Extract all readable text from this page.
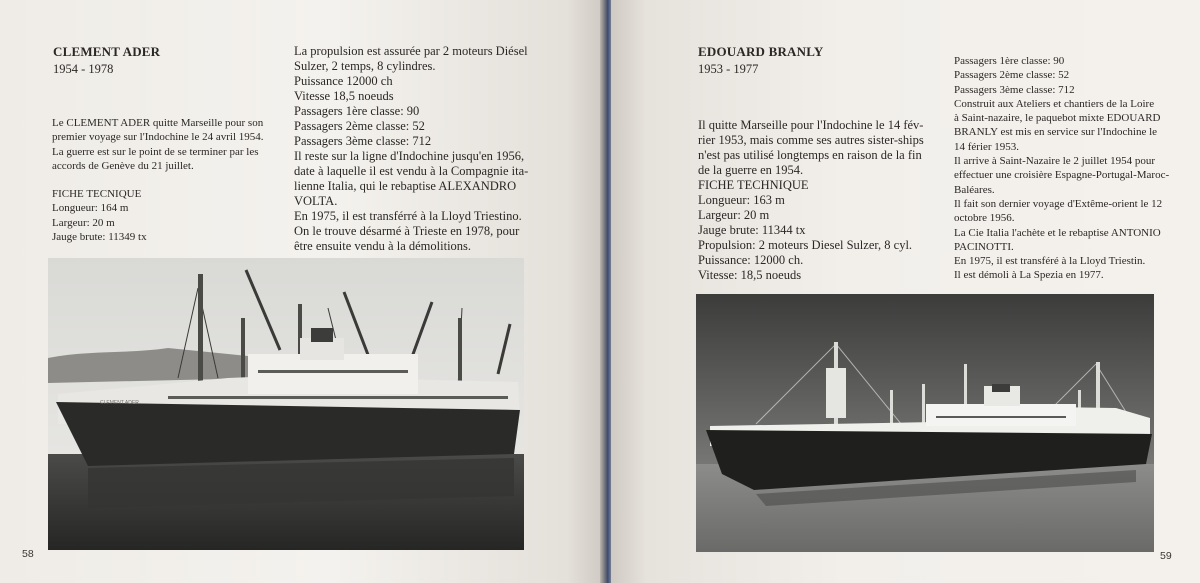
CLEMENT ADER
1954 - 1978
Le CLEMENT ADER quitte Marseille pour son
premier voyage sur l'Indochine le 24 avril 1954.
La guerre est sur le point de se terminer par les
accords de Genève du 21 juillet.
FICHE TECNIQUE
Longueur: 164 m
Largeur: 20 m
Jauge brute: 11349 tx
La propulsion est assurée par 2 moteurs Diésel
Sulzer, 2 temps, 8 cylindres.
Puissance 12000 ch
Vitesse 18,5 noeuds
Passagers 1ère classe: 90
Passagers 2ème classe: 52
Passagers 3ème classe: 712
Il reste sur la ligne d'Indochine jusqu'en 1956,
date à laquelle il est vendu à la Compagnie ita-
lienne Italia, qui le rebaptise ALEXANDRO
VOLTA.
En 1975, il est transférré à la Lloyd Triestino.
On le trouve désarmé à Trieste en 1978, pour
être ensuite vendu à la démolitions.
CLEMENT ADER
58
EDOUARD BRANLY
1953 - 1977
Il quitte Marseille pour l'Indochine le 14 fév-
rier 1953, mais comme ses autres sister-ships
n'est pas utilisé longtemps en raison de la fin
de la guerre en 1954.
FICHE TECHNIQUE
Longueur: 163 m
Largeur: 20 m
Jauge brute: 11344 tx
Propulsion: 2 moteurs Diesel Sulzer, 8 cyl.
Puissance: 12000 ch.
Vitesse: 18,5 noeuds
Passagers 1ère classe: 90
Passagers 2ème classe: 52
Passagers 3ème classe: 712
Construit aux Ateliers et chantiers de la Loire
à Saint-nazaire, le paquebot mixte EDOUARD
BRANLY est mis en service sur l'Indochine le
14 férier 1953.
Il arrive à Saint-Nazaire le 2 juillet 1954 pour
effectuer une croisière Espagne-Portugal-Maroc-
Baléares.
Il fait son dernier voyage d'Extême-orient le 12
octobre 1956.
La Cie Italia l'achète et le rebaptise ANTONIO
PACINOTTI.
En 1975, il est transféré à la Lloyd Triestin.
Il est démoli à La Spezia en 1977.
59
